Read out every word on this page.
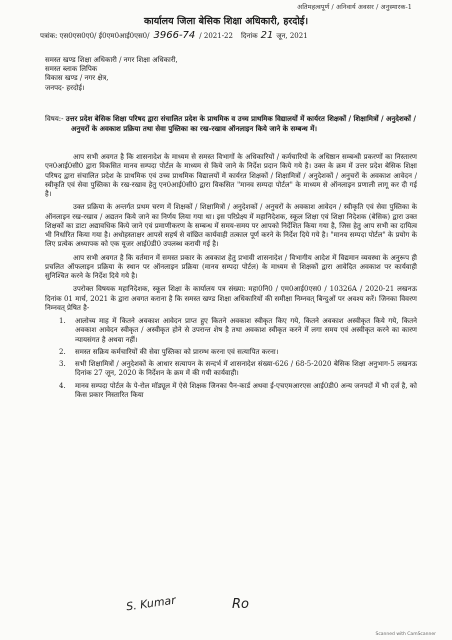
अतिमहत्वपूर्ण / अनिवार्य अवसर / अनुस्मारक-1
कार्यालय जिला बेसिक शिक्षा अधिकारी, हरदोई।
पत्रांक: एस0एस0ए0/ ई0एम0आई0एस0/ 3966-74 / 2021-22 दिनांक 21 जून, 2021
समस्त खण्ड शिक्षा अधिकारी / नगर शिक्षा अधिकारी,
समस्त ब्लाक लिपिक
विकास खण्ड / नगर क्षेत्र,
जनपद- हरदोई।
विषय:- उत्तर प्रदेश बेसिक शिक्षा परिषद द्वारा संचालित प्रदेश के प्राथमिक व उच्च प्राथमिक विद्यालयों में कार्यरत शिक्षकों / शिक्षामित्रों / अनुदेशकों / अनुचरों के अवकाश प्रक्रिया तथा सेवा पुस्तिका का रख-रखाव ऑनलाइन किये जाने के सम्बन्ध में।

आप सभी अवगत है कि शासनादेश के माध्यम से समस्त विभागों के अधिकारियों / कर्मचारियों के अधिष्ठान सम्बन्धी प्रकरणों का निस्तारण एन0आई0सी0 द्वारा विकसित मानव सम्पदा पोर्टल के माध्यम से किये जाने के निर्देश प्रदान किये गये है। उक्त के क्रम में उत्तर प्रदेश बेसिक शिक्षा परिषद द्वारा संचालित प्रदेश के प्राथमिक एवं उच्च प्राथमिक विद्यालयों में कार्यरत शिक्षकों / शिक्षामित्रों / अनुदेशकों / अनुचरों के अवकाश आवेदन / स्वीकृति एवं सेवा पुस्तिका के रख-रखाव हेतु एन0आई0सी0 द्वारा विकसित "मानव सम्पदा पोर्टल" के माध्यम से ऑनलाइन प्रणाली लागू कर दी गई है।

उक्त प्रक्रिया के अन्तर्गत प्रथम चरण में शिक्षकों / शिक्षामित्रों / अनुदेशकों / अनुचरों के अवकाश आवेदन / स्वीकृति एवं सेवा पुस्तिका के ऑनलाइन रख-रखाव / अद्यतन किये जाने का निर्णय लिया गया था। इस परिप्रेक्ष्य में महानिदेशक, स्कूल शिक्षा एवं शिक्षा निदेशक (बेसिक) द्वारा उक्त शिक्षकों का डाटा अद्यावधिक किये जाने एवं प्रमाणीकरण के सम्बन्ध में समय-समय पर आपको निर्देशित किया गया है, जिस हेतु आप सभी का दायित्व भी निर्धारित किया गया है। अधोहस्ताक्षर आपसे सहर्ष से वांछित कार्यवाही तत्काल पूर्ण करने के निर्देश दिये गये है। "मानव सम्पदा पोर्टल" के प्रयोग के लिए प्रत्येक अध्यापक को एक यूजर आई0डी0 उपलब्ध करायी गई है।

आप सभी अवगत है कि वर्तमान में समस्त प्रकार के अवकाश हेतु प्रभावी शासनादेश / विभागीय आदेश में विद्यमान व्यवस्था के अनुरूप ही प्रचलित ऑफलाइन प्रक्रिया के स्थान पर ऑनलाइन प्रक्रिया (मानव सम्पदा पोर्टल) के माध्यम से शिक्षकों द्वारा आवेदित अवकाश पर कार्यवाही सुनिश्चित करने के निर्देश दिये गये है।

उपरोक्त विषयक महानिदेशक, स्कूल शिक्षा के कार्यालय पत्र संख्या: महा0नि0 / एम0आई0एस0 / 10326A / 2020-21 लखनऊ दिनांक 01 मार्च, 2021 के द्वारा अवगत कराना है कि समस्त खण्ड शिक्षा अधिकारियों की समीक्षा निम्नवत् बिन्दुओं पर अवश्य करें। जिनका विवरण निम्नवत् प्रेषित है-

1. आलोच्य माह में कितने अवकाश आवेदन प्राप्त हुए कितने अवकाश स्वीकृत किए गये, कितने अवकाश अस्वीकृत किये गये, कितने अवकाश आवेदन स्वीकृत / अस्वीकृत होने से उपरान्त शेष है तथा अवकाश स्वीकृत करने में लगा समय एवं अस्वीकृत करने का कारण न्यायसंगत है अथवा नहीं।
2. समस्त सक्रिय कर्मचारियों की सेवा पुस्तिका को प्रारम्भ करना एवं सत्यापित करना।
3. सभी शिक्षामित्रों / अनुदेशकों के आधार सत्यापन के सन्दर्भ में शासनादेश संख्या-626 / 68-5-2020 बेसिक शिक्षा अनुभाग-5 लखनऊ दिनांक 27 जून, 2020 के निर्देशन के क्रम में की गयी कार्यवाही।
4. मानव सम्पदा पोर्टल के पे-रोल मॉड्यूल में ऐसे शिक्षक जिनका पैन-कार्ड अथवा ई-एचएमआरएस आई0डी0 अन्य जनपदों में भी दर्ज है, को किस प्रकार निस्तारित किया
S. Kumar	Ro
Scanned with CamScanner
